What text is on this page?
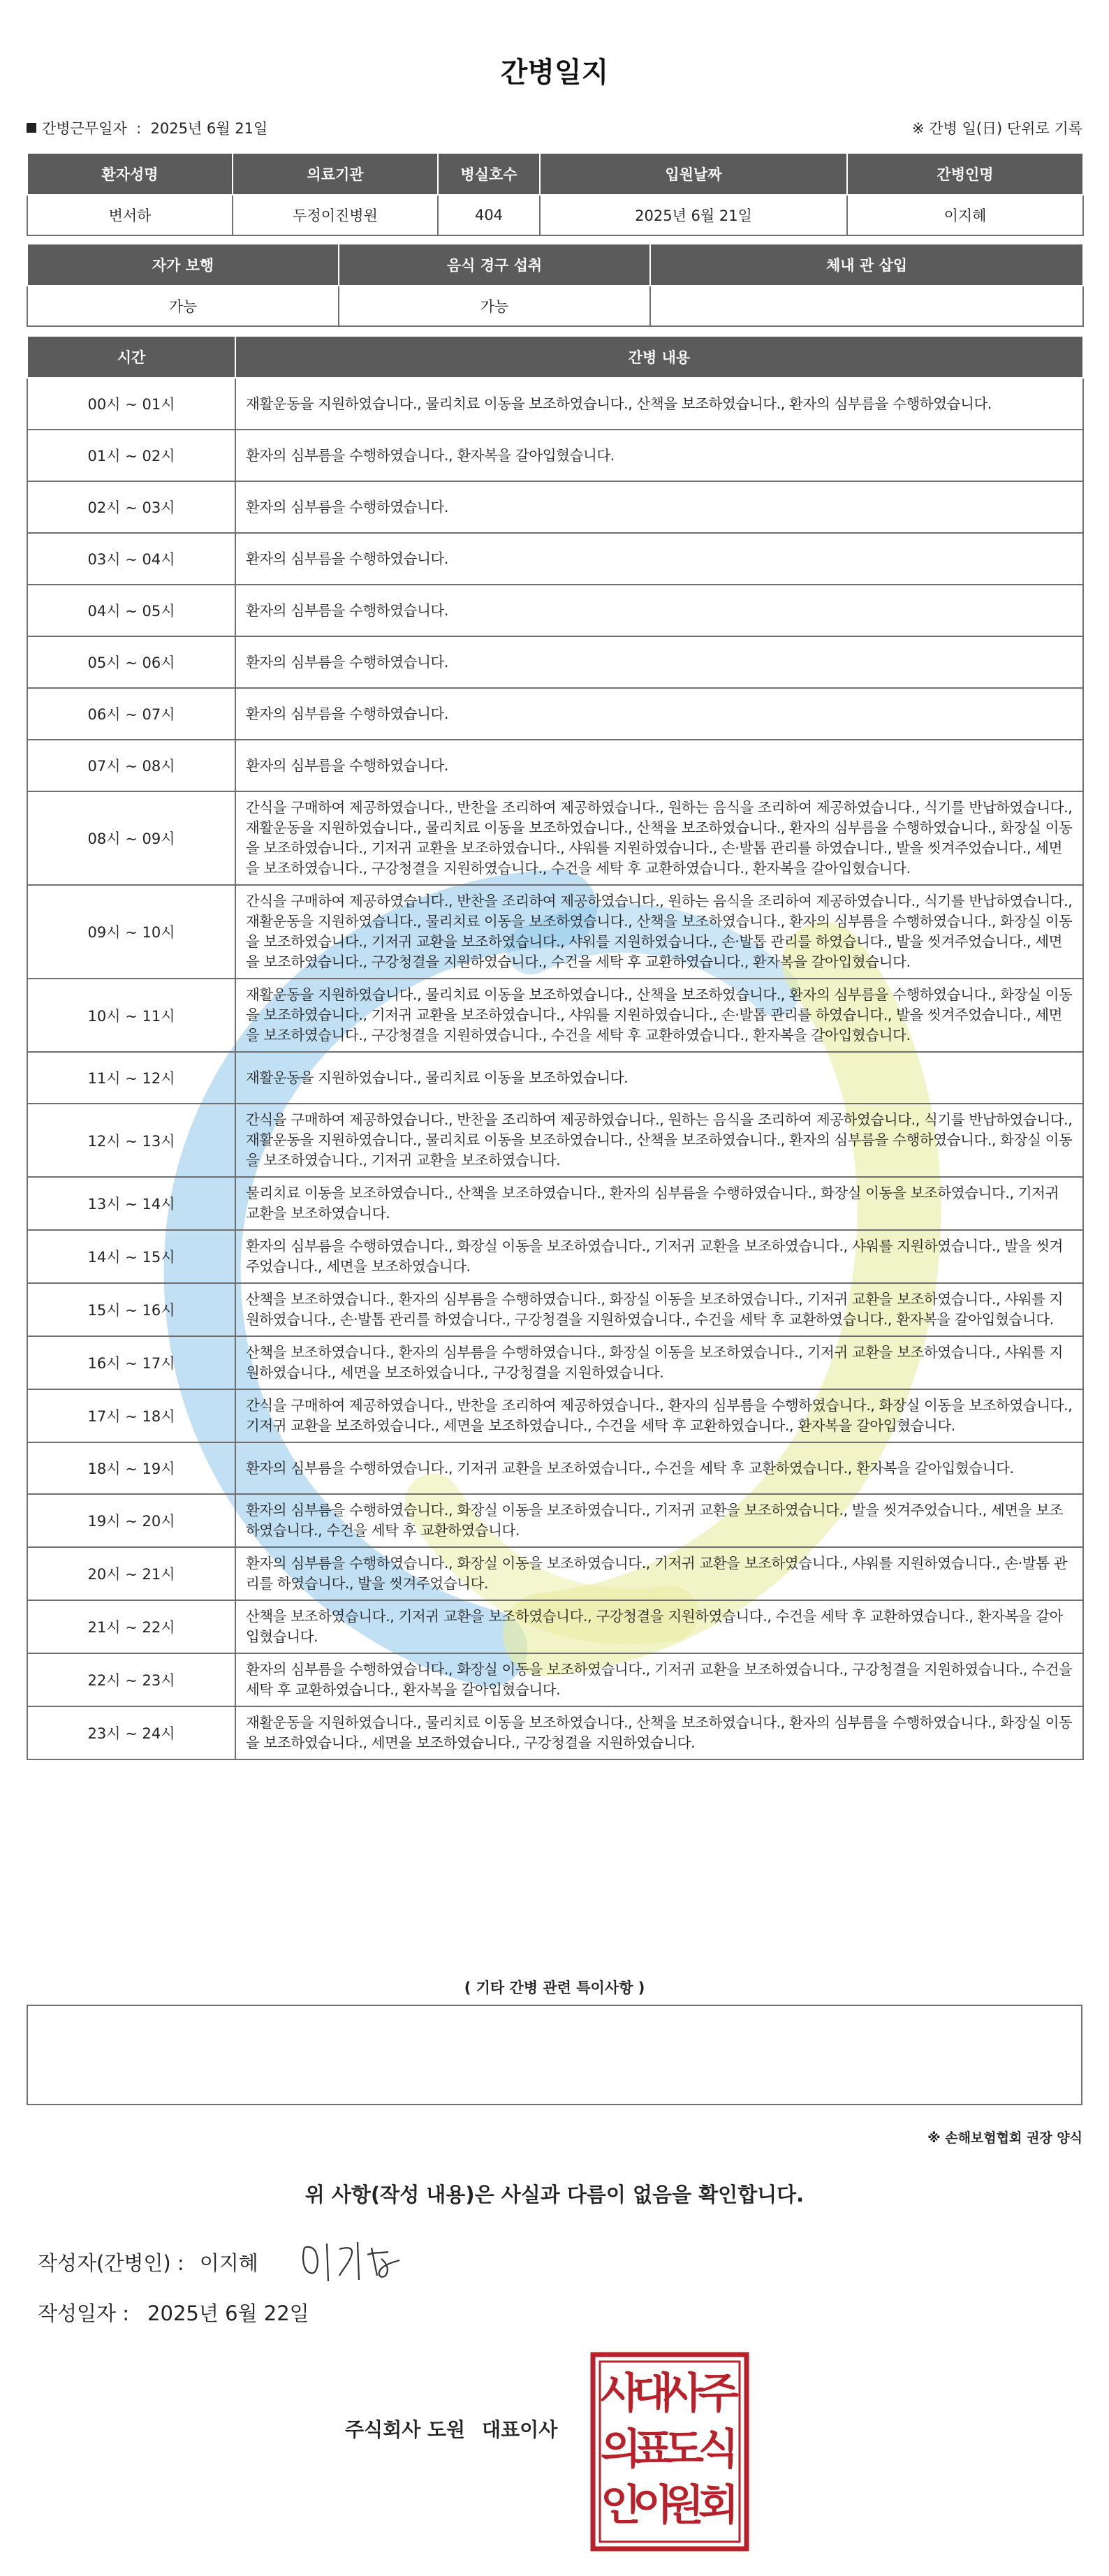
간병일지
간병근무일자 : 2025년 6월 21일	※ 간병 일(日) 단위로 기록
환자성명	의료기관	병실호수	입원날짜	간병인명
변서하	두정이진병원	404	2025년 6월 21일	이지혜
자가 보행	음식 경구 섭취	체내 관 삽입
가능	가능	
시간	간병 내용
00시 ~ 01시	재활운동을 지원하였습니다., 물리치료 이동을 보조하였습니다., 산책을 보조하였습니다., 환자의 심부름을 수행하였습니다.
01시 ~ 02시	환자의 심부름을 수행하였습니다., 환자복을 갈아입혔습니다.
02시 ~ 03시	환자의 심부름을 수행하였습니다.
03시 ~ 04시	환자의 심부름을 수행하였습니다.
04시 ~ 05시	환자의 심부름을 수행하였습니다.
05시 ~ 06시	환자의 심부름을 수행하였습니다.
06시 ~ 07시	환자의 심부름을 수행하였습니다.
07시 ~ 08시	환자의 심부름을 수행하였습니다.
08시 ~ 09시	간식을 구매하여 제공하였습니다., 반찬을 조리하여 제공하였습니다., 원하는 음식을 조리하여 제공하였습니다., 식기를 반납하였습니다., 재활운동을 지원하였습니다., 물리치료 이동을 보조하였습니다., 산책을 보조하였습니다., 환자의 심부름을 수행하였습니다., 화장실 이동을 보조하였습니다., 기저귀 교환을 보조하였습니다., 샤워를 지원하였습니다., 손·발톱 관리를 하였습니다., 발을 씻겨주었습니다., 세면을 보조하였습니다., 구강청결을 지원하였습니다., 수건을 세탁 후 교환하였습니다., 환자복을 갈아입혔습니다.
09시 ~ 10시	간식을 구매하여 제공하였습니다., 반찬을 조리하여 제공하였습니다., 원하는 음식을 조리하여 제공하였습니다., 식기를 반납하였습니다., 재활운동을 지원하였습니다., 물리치료 이동을 보조하였습니다., 산책을 보조하였습니다., 환자의 심부름을 수행하였습니다., 화장실 이동을 보조하였습니다., 기저귀 교환을 보조하였습니다., 샤워를 지원하였습니다., 손·발톱 관리를 하였습니다., 발을 씻겨주었습니다., 세면을 보조하였습니다., 구강청결을 지원하였습니다., 수건을 세탁 후 교환하였습니다., 환자복을 갈아입혔습니다.
10시 ~ 11시	재활운동을 지원하였습니다., 물리치료 이동을 보조하였습니다., 산책을 보조하였습니다., 환자의 심부름을 수행하였습니다., 화장실 이동을 보조하였습니다., 기저귀 교환을 보조하였습니다., 샤워를 지원하였습니다., 손·발톱 관리를 하였습니다., 발을 씻겨주었습니다., 세면을 보조하였습니다., 구강청결을 지원하였습니다., 수건을 세탁 후 교환하였습니다., 환자복을 갈아입혔습니다.
11시 ~ 12시	재활운동을 지원하였습니다., 물리치료 이동을 보조하였습니다.
12시 ~ 13시	간식을 구매하여 제공하였습니다., 반찬을 조리하여 제공하였습니다., 원하는 음식을 조리하여 제공하였습니다., 식기를 반납하였습니다., 재활운동을 지원하였습니다., 물리치료 이동을 보조하였습니다., 산책을 보조하였습니다., 환자의 심부름을 수행하였습니다., 화장실 이동을 보조하였습니다., 기저귀 교환을 보조하였습니다.
13시 ~ 14시	물리치료 이동을 보조하였습니다., 산책을 보조하였습니다., 환자의 심부름을 수행하였습니다., 화장실 이동을 보조하였습니다., 기저귀 교환을 보조하였습니다.
14시 ~ 15시	환자의 심부름을 수행하였습니다., 화장실 이동을 보조하였습니다., 기저귀 교환을 보조하였습니다., 샤워를 지원하였습니다., 발을 씻겨주었습니다., 세면을 보조하였습니다.
15시 ~ 16시	산책을 보조하였습니다., 환자의 심부름을 수행하였습니다., 화장실 이동을 보조하였습니다., 기저귀 교환을 보조하였습니다., 샤워를 지원하였습니다., 손·발톱 관리를 하였습니다., 구강청결을 지원하였습니다., 수건을 세탁 후 교환하였습니다., 환자복을 갈아입혔습니다.
16시 ~ 17시	산책을 보조하였습니다., 환자의 심부름을 수행하였습니다., 화장실 이동을 보조하였습니다., 기저귀 교환을 보조하였습니다., 샤워를 지원하였습니다., 세면을 보조하였습니다., 구강청결을 지원하였습니다.
17시 ~ 18시	간식을 구매하여 제공하였습니다., 반찬을 조리하여 제공하였습니다., 환자의 심부름을 수행하였습니다., 화장실 이동을 보조하였습니다., 기저귀 교환을 보조하였습니다., 세면을 보조하였습니다., 수건을 세탁 후 교환하였습니다., 환자복을 갈아입혔습니다.
18시 ~ 19시	환자의 심부름을 수행하였습니다., 기저귀 교환을 보조하였습니다., 수건을 세탁 후 교환하였습니다., 환자복을 갈아입혔습니다.
19시 ~ 20시	환자의 심부름을 수행하였습니다., 화장실 이동을 보조하였습니다., 기저귀 교환을 보조하였습니다., 발을 씻겨주었습니다., 세면을 보조하였습니다., 수건을 세탁 후 교환하였습니다.
20시 ~ 21시	환자의 심부름을 수행하였습니다., 화장실 이동을 보조하였습니다., 기저귀 교환을 보조하였습니다., 샤워를 지원하였습니다., 손·발톱 관리를 하였습니다., 발을 씻겨주었습니다.
21시 ~ 22시	산책을 보조하였습니다., 기저귀 교환을 보조하였습니다., 구강청결을 지원하였습니다., 수건을 세탁 후 교환하였습니다., 환자복을 갈아입혔습니다.
22시 ~ 23시	환자의 심부름을 수행하였습니다., 화장실 이동을 보조하였습니다., 기저귀 교환을 보조하였습니다., 구강청결을 지원하였습니다., 수건을 세탁 후 교환하였습니다., 환자복을 갈아입혔습니다.
23시 ~ 24시	재활운동을 지원하였습니다., 물리치료 이동을 보조하였습니다., 산책을 보조하였습니다., 환자의 심부름을 수행하였습니다., 화장실 이동을 보조하였습니다., 세면을 보조하였습니다., 구강청결을 지원하였습니다.
( 기타 간병 관련 특이사항 )
※ 손해보험협회 권장 양식
위 사항(작성 내용)은 사실과 다름이 없음을 확인합니다.
작성자(간병인) : 이지혜
작성일자 : 2025년 6월 22일
주식회사 도원 대표이사
주
식
회
사
도
원
대
표
이
사
의
인
